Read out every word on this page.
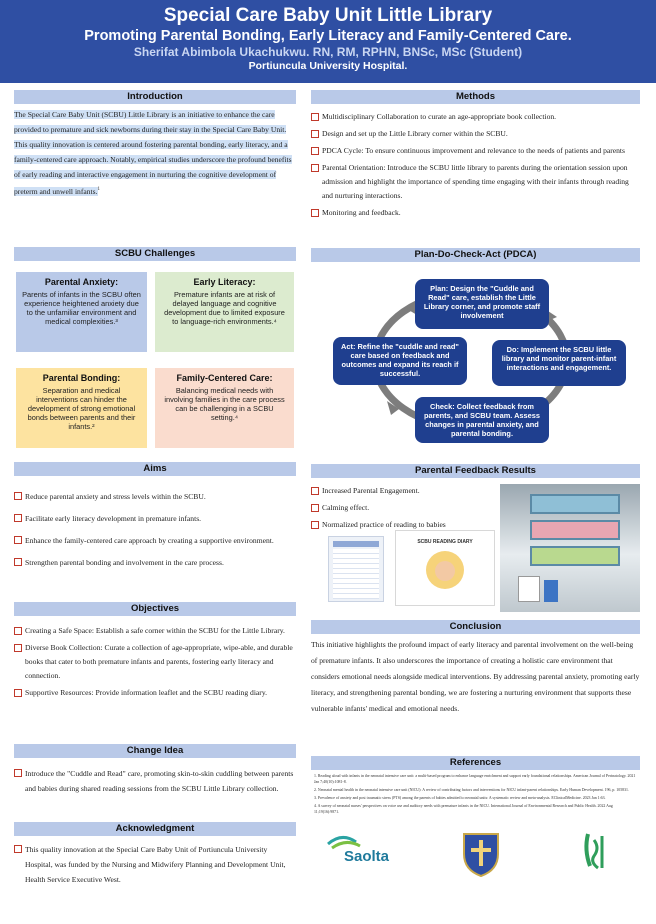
Special Care Baby Unit Little Library
Promoting Parental Bonding, Early Literacy and Family-Centered Care.
Sherifat Abimbola Ukachukwu. RN, RM, RPHN, BNSc, MSc (Student)
Portiuncula University Hospital.
Introduction
The Special Care Baby Unit (SCBU) Little Library is an initiative to enhance the care provided to premature and sick newborns during their stay in the Special Care Baby Unit. This quality innovation is centered around fostering parental bonding, early literacy, and a family-centered care approach. Notably, empirical studies underscore the profound benefits of early reading and interactive engagement in nurturing the cognitive development of preterm and unwell infants.$^1$
SCBU Challenges
Parental Anxiety:
Parents of infants in the SCBU often experience heightened anxiety due to the unfamiliar environment and medical complexities.³
Early Literacy:
Premature infants are at risk of delayed language and cognitive development due to limited exposure to language-rich environments.⁴
Parental Bonding:
Separation and medical interventions can hinder the development of strong emotional bonds between parents and their infants.²
Family-Centered Care:
Balancing medical needs with involving families in the care process can be challenging in a SCBU setting.⁴
Aims
Reduce parental anxiety and stress levels within the SCBU.
Facilitate early literacy development in premature infants.
Enhance the family-centered care approach by creating a supportive environment.
Strengthen parental bonding and involvement in the care process.
Objectives
Creating a Safe Space: Establish a safe corner within the SCBU for the Little Library.
Diverse Book Collection: Curate a collection of age-appropriate, wipe-able, and durable books that cater to both premature infants and parents, fostering early literacy and connection.
Supportive Resources: Provide information leaflet and the SCBU reading diary.
Change Idea
Introduce the "Cuddle and Read" care, promoting skin-to-skin cuddling between parents and babies during shared reading sessions from the SCBU Little Library collection.
Acknowledgment
This quality innovation at the Special Care Baby Unit of Portiuncula University Hospital, was funded by the Nursing and Midwifery Planning and Development Unit, Health Service Executive West.
Methods
Multidisciplinary Collaboration to curate an age-appropriate book collection.
Design and set up the Little Library corner within the SCBU.
PDCA Cycle: To ensure continuous improvement and relevance to the needs of patients and parents
Parental Orientation: Introduce the SCBU little library to parents during the orientation session upon admission and highlight the importance of spending time engaging with their infants through reading and nurturing interactions.
Monitoring and feedback.
Plan-Do-Check-Act (PDCA)
Plan: Design the "Cuddle and Read" care, establish the Little Library corner, and promote staff involvement
Do: Implement the SCBU little library and monitor parent-infant interactions and engagement.
Check: Collect feedback from parents, and SCBU team. Assess changes in parental anxiety, and parental bonding.
Act: Refine the "cuddle and read" care based on feedback and outcomes and expand its reach if successful.
Parental Feedback Results
Increased Parental Engagement.
Calming effect.
Normalized practice of reading to babies
SCBU READING DIARY
Conclusion
This initiative highlights the profound impact of early literacy and parental involvement on the well-being of premature infants. It also underscores the importance of creating a holistic care environment that considers emotional needs alongside medical interventions. By addressing parental anxiety, promoting early literacy, and strengthening parental bonding, we are fostering a nurturing environment that supports these vulnerable infants' medical and emotional needs.
References
1. Reading aloud with infants in the neonatal intensive care unit: a multi-based program to enhance language enrichment and support early foundational relationships. American Journal of Perinatology. 2021 Jan 7;40(10):1081-8.
2. Neonatal mental health in the neonatal intensive care unit (NICU): A review of contributing factors and interventions for NICU infant-parent relationships. Early Human Development. 196, p. 105831.
3. Prevalence of anxiety and post traumatic stress (PTS) among the parents of babies admitted to neonatal units: A systematic review and meta-analysis. EClinicalMedicine. 2023 Jan 1:63.
4. A survey of neonatal nurses' perspectives on voice use and auditory needs with premature infants in the NICU. International Journal of Environmental Research and Public Health. 2022 Aug 11;19(16):9871.
Saolta
